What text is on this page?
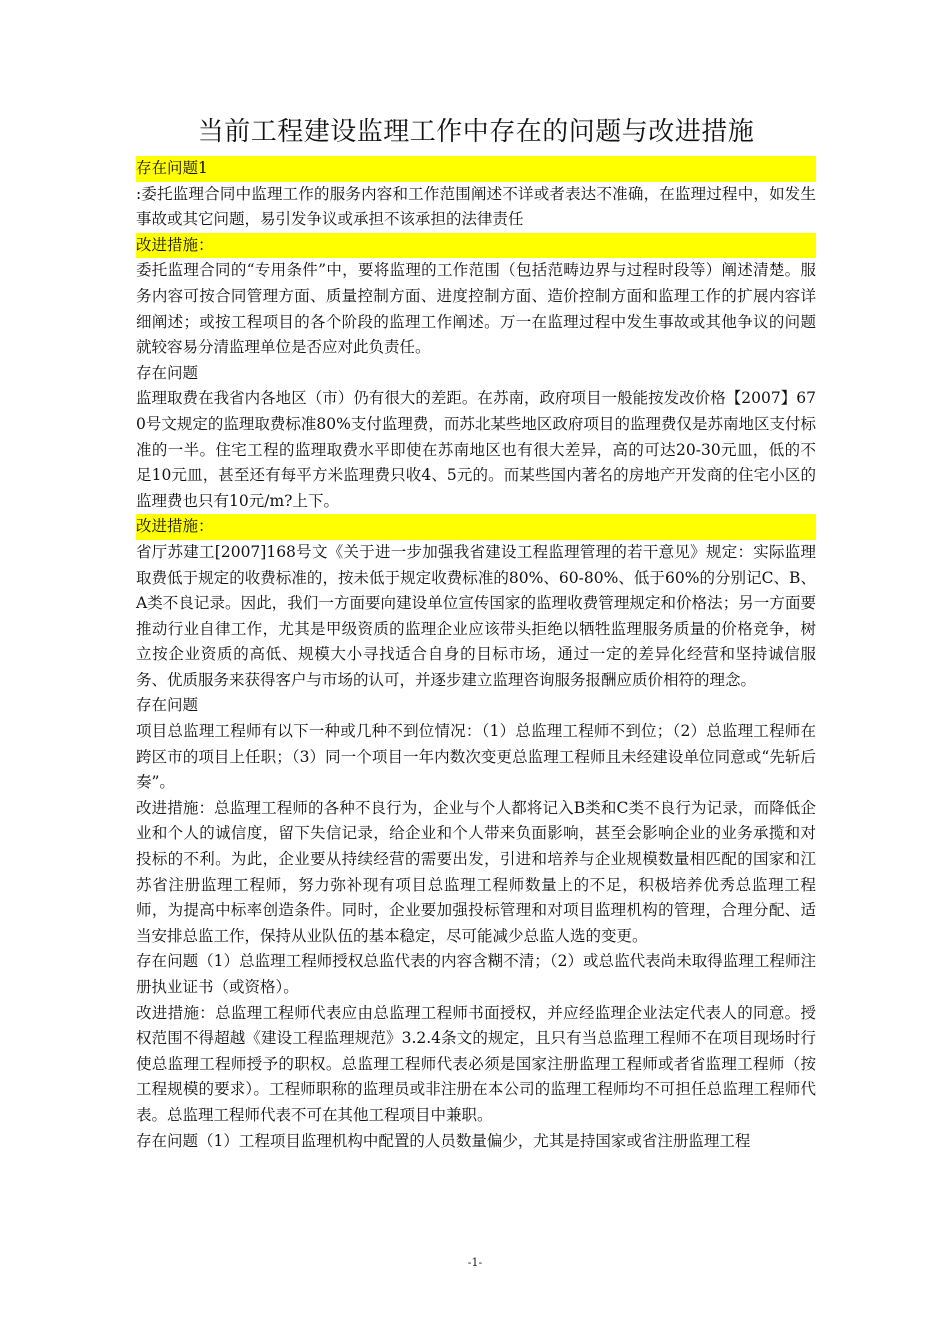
当前工程建设监理工作中存在的问题与改进措施

存在问题1

:委托监理合同中监理工作的服务内容和工作范围阐述不详或者表达不准确，在监理过程中，如发生事故或其它问题，易引发争议或承担不该承担的法律责任

改进措施：

委托监理合同的“专用条件”中，要将监理的工作范围（包括范畴边界与过程时段等）阐述清楚。服务内容可按合同管理方面、质量控制方面、进度控制方面、造价控制方面和监理工作的扩展内容详细阐述；或按工程项目的各个阶段的监理工作阐述。万一在监理过程中发生事故或其他争议的问题就较容易分清监理单位是否应对此负责任。

存在问题

监理取费在我省内各地区（市）仍有很大的差距。在苏南，政府项目一般能按发改价格【2007】670号文规定的监理取费标准80%支付监理费，而苏北某些地区政府项目的监理费仅是苏南地区支付标准的一半。住宅工程的监理取费水平即使在苏南地区也有很大差异，高的可达20-30元皿，低的不足10元皿，甚至还有每平方米监理费只收4、5元的。而某些国内著名的房地产开发商的住宅小区的监理费也只有10元/m?上下。

改进措施：

省厅苏建工[2007]168号文《关于进一步加强我省建设工程监理管理的若干意见》规定：实际监理取费低于规定的收费标准的，按未低于规定收费标准的80%、60-80%、低于60%的分别记C、B、A类不良记录。因此，我们一方面要向建设单位宣传国家的监理收费管理规定和价格法；另一方面要推动行业自律工作，尤其是甲级资质的监理企业应该带头拒绝以牺牲监理服务质量的价格竞争，树立按企业资质的高低、规模大小寻找适合自身的目标市场，通过一定的差异化经营和坚持诚信服务、优质服务来获得客户与市场的认可，并逐步建立监理咨询服务报酬应质价相符的理念。

存在问题

项目总监理工程师有以下一种或几种不到位情况：（1）总监理工程师不到位；（2）总监理工程师在跨区市的项目上任职；（3）同一个项目一年内数次变更总监理工程师且未经建设单位同意或“先斩后奏”。

改进措施：总监理工程师的各种不良行为，企业与个人都将记入B类和C类不良行为记录，而降低企业和个人的诚信度，留下失信记录，给企业和个人带来负面影响，甚至会影响企业的业务承揽和对投标的不利。为此，企业要从持续经营的需要出发，引进和培养与企业规模数量相匹配的国家和江苏省注册监理工程师，努力弥补现有项目总监理工程师数量上的不足，积极培养优秀总监理工程师，为提高中标率创造条件。同时，企业要加强投标管理和对项目监理机构的管理，合理分配、适当安排总监工作，保持从业队伍的基本稳定，尽可能减少总监人选的变更。

存在问题（1）总监理工程师授权总监代表的内容含糊不清；（2）或总监代表尚未取得监理工程师注册执业证书（或资格）。

改进措施：总监理工程师代表应由总监理工程师书面授权，并应经监理企业法定代表人的同意。授权范围不得超越《建设工程监理规范》3.2.4条文的规定，且只有当总监理工程师不在项目现场时行使总监理工程师授予的职权。总监理工程师代表必须是国家注册监理工程师或者省监理工程师（按工程规模的要求）。工程师职称的监理员或非注册在本公司的监理工程师均不可担任总监理工程师代表。总监理工程师代表不可在其他工程项目中兼职。

存在问题（1）工程项目监理机构中配置的人员数量偏少，尤其是持国家或省注册监理工程

-1-
